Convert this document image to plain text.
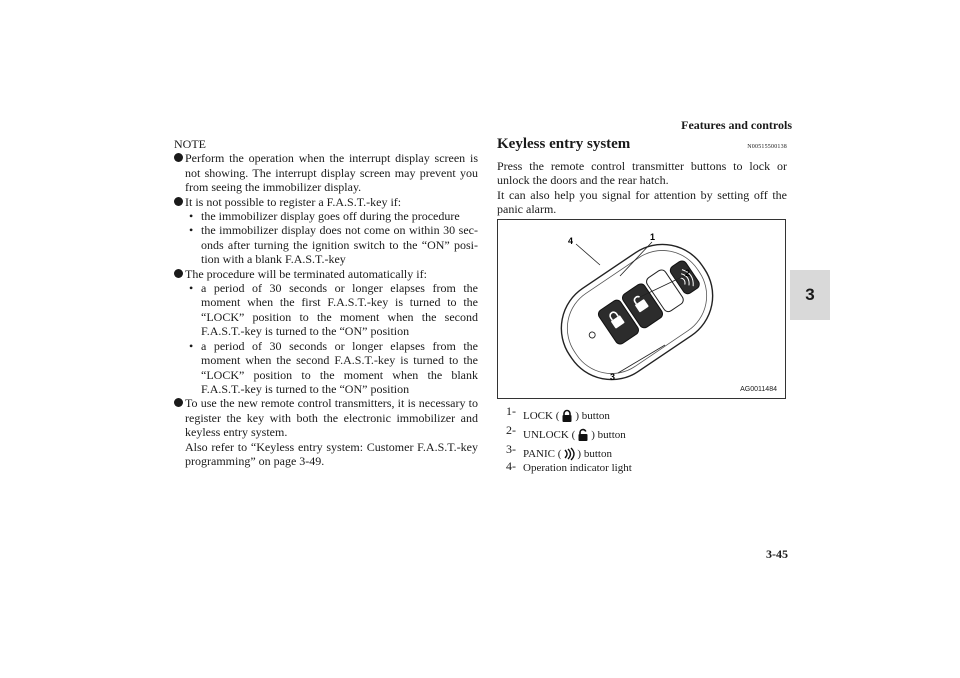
Features and controls
3
3-45
NOTE
Perform the operation when the interrupt display screen is not showing. The interrupt display screen may prevent you from seeing the immobilizer display.
It is not possible to register a F.A.S.T.-key if:
• the immobilizer display goes off during the procedure
• the immobilizer display does not come on within 30 sec-onds after turning the ignition switch to the “ON” posi-tion with a blank F.A.S.T.-key
The procedure will be terminated automatically if:
• a period of 30 seconds or longer elapses from the moment when the first F.A.S.T.-key is turned to the “LOCK” position to the moment when the second F.A.S.T.-key is turned to the “ON” position
• a period of 30 seconds or longer elapses from the moment when the second F.A.S.T.-key is turned to the “LOCK” position to the moment when the blank F.A.S.T.-key is turned to the “ON” position
To use the new remote control transmitters, it is necessary to register the key with both the electronic immobilizer and keyless entry system.
Also refer to “Keyless entry system: Customer F.A.S.T.-key programming” on page 3-49.
Keyless entry system	N00515500138
Press the remote control transmitter buttons to lock or unlock the doors and the rear hatch.
It can also help you signal for attention by setting off the panic alarm.
4	1
2
3
AG0011484
1- LOCK ( ) button
2- UNLOCK ( ) button
3- PANIC ( ) button
4- Operation indicator light
